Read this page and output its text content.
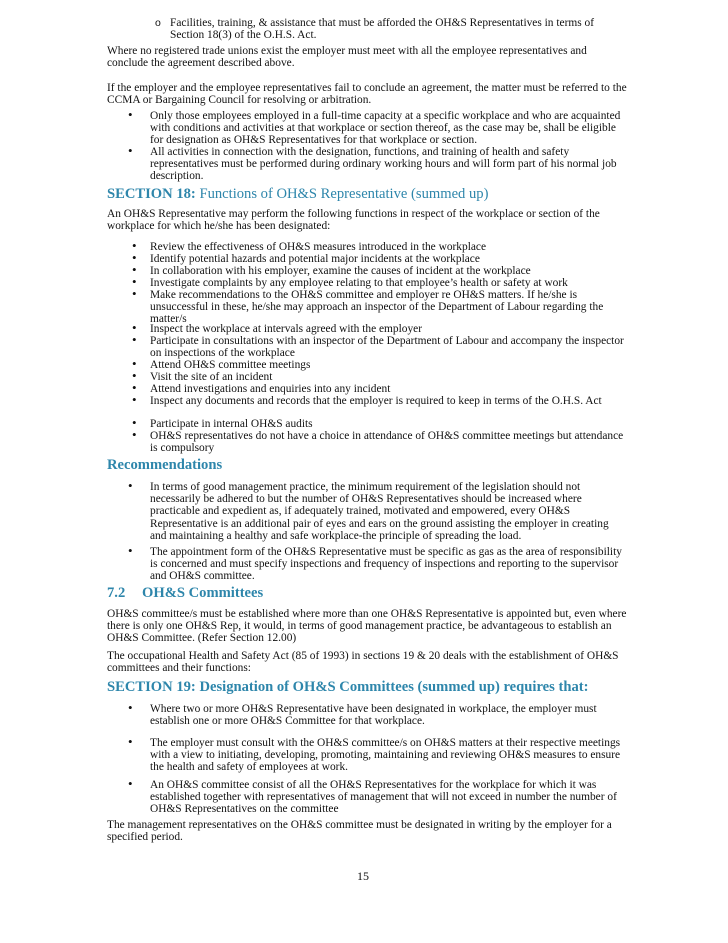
o Facilities, training, & assistance that must be afforded the OH&S Representatives in terms of Section 18(3) of the O.H.S. Act.

Where no registered trade unions exist the employer must meet with all the employee representatives and conclude the agreement described above.

If the employer and the employee representatives fail to conclude an agreement, the matter must be referred to the CCMA or Bargaining Council for resolving or arbitration.

• Only those employees employed in a full-time capacity at a specific workplace and who are acquainted with conditions and activities at that workplace or section thereof, as the case may be, shall be eligible for designation as OH&S Representatives for that workplace or section.
• All activities in connection with the designation, functions, and training of health and safety representatives must be performed during ordinary working hours and will form part of his normal job description.
SECTION 18: Functions of OH&S Representative (summed up)

An OH&S Representative may perform the following functions in respect of the workplace or section of the workplace for which he/she has been designated:

• Review the effectiveness of OH&S measures introduced in the workplace
• Identify potential hazards and potential major incidents at the workplace
• In collaboration with his employer, examine the causes of incident at the workplace
• Investigate complaints by any employee relating to that employee’s health or safety at work
• Make recommendations to the OH&S committee and employer re OH&S matters. If he/she is unsuccessful in these, he/she may approach an inspector of the Department of Labour regarding the matter/s
• Inspect the workplace at intervals agreed with the employer
• Participate in consultations with an inspector of the Department of Labour and accompany the inspector on inspections of the workplace
• Attend OH&S committee meetings
• Visit the site of an incident
• Attend investigations and enquiries into any incident
• Inspect any documents and records that the employer is required to keep in terms of the O.H.S. Act
• Participate in internal OH&S audits
• OH&S representatives do not have a choice in attendance of OH&S committee meetings but attendance is compulsory
Recommendations
• In terms of good management practice, the minimum requirement of the legislation should not necessarily be adhered to but the number of OH&S Representatives should be increased where practicable and expedient as, if adequately trained, motivated and empowered, every OH&S Representative is an additional pair of eyes and ears on the ground assisting the employer in creating and maintaining a healthy and safe workplace-the principle of spreading the load.
• The appointment form of the OH&S Representative must be specific as gas as the area of responsibility is concerned and must specify inspections and frequency of inspections and reporting to the supervisor and OH&S committee.
7.2 OH&S Committees

OH&S committee/s must be established where more than one OH&S Representative is appointed but, even where there is only one OH&S Rep, it would, in terms of good management practice, be advantageous to establish an OH&S Committee. (Refer Section 12.00)

The occupational Health and Safety Act (85 of 1993) in sections 19 & 20 deals with the establishment of OH&S committees and their functions:

SECTION 19: Designation of OH&S Committees (summed up) requires that:
• Where two or more OH&S Representative have been designated in workplace, the employer must establish one or more OH&S Committee for that workplace.
• The employer must consult with the OH&S committee/s on OH&S matters at their respective meetings with a view to initiating, developing, promoting, maintaining and reviewing OH&S measures to ensure the health and safety of employees at work.
• An OH&S committee consist of all the OH&S Representatives for the workplace for which it was established together with representatives of management that will not exceed in number the number of OH&S Representatives on the committee

The management representatives on the OH&S committee must be designated in writing by the employer for a specified period.

15
